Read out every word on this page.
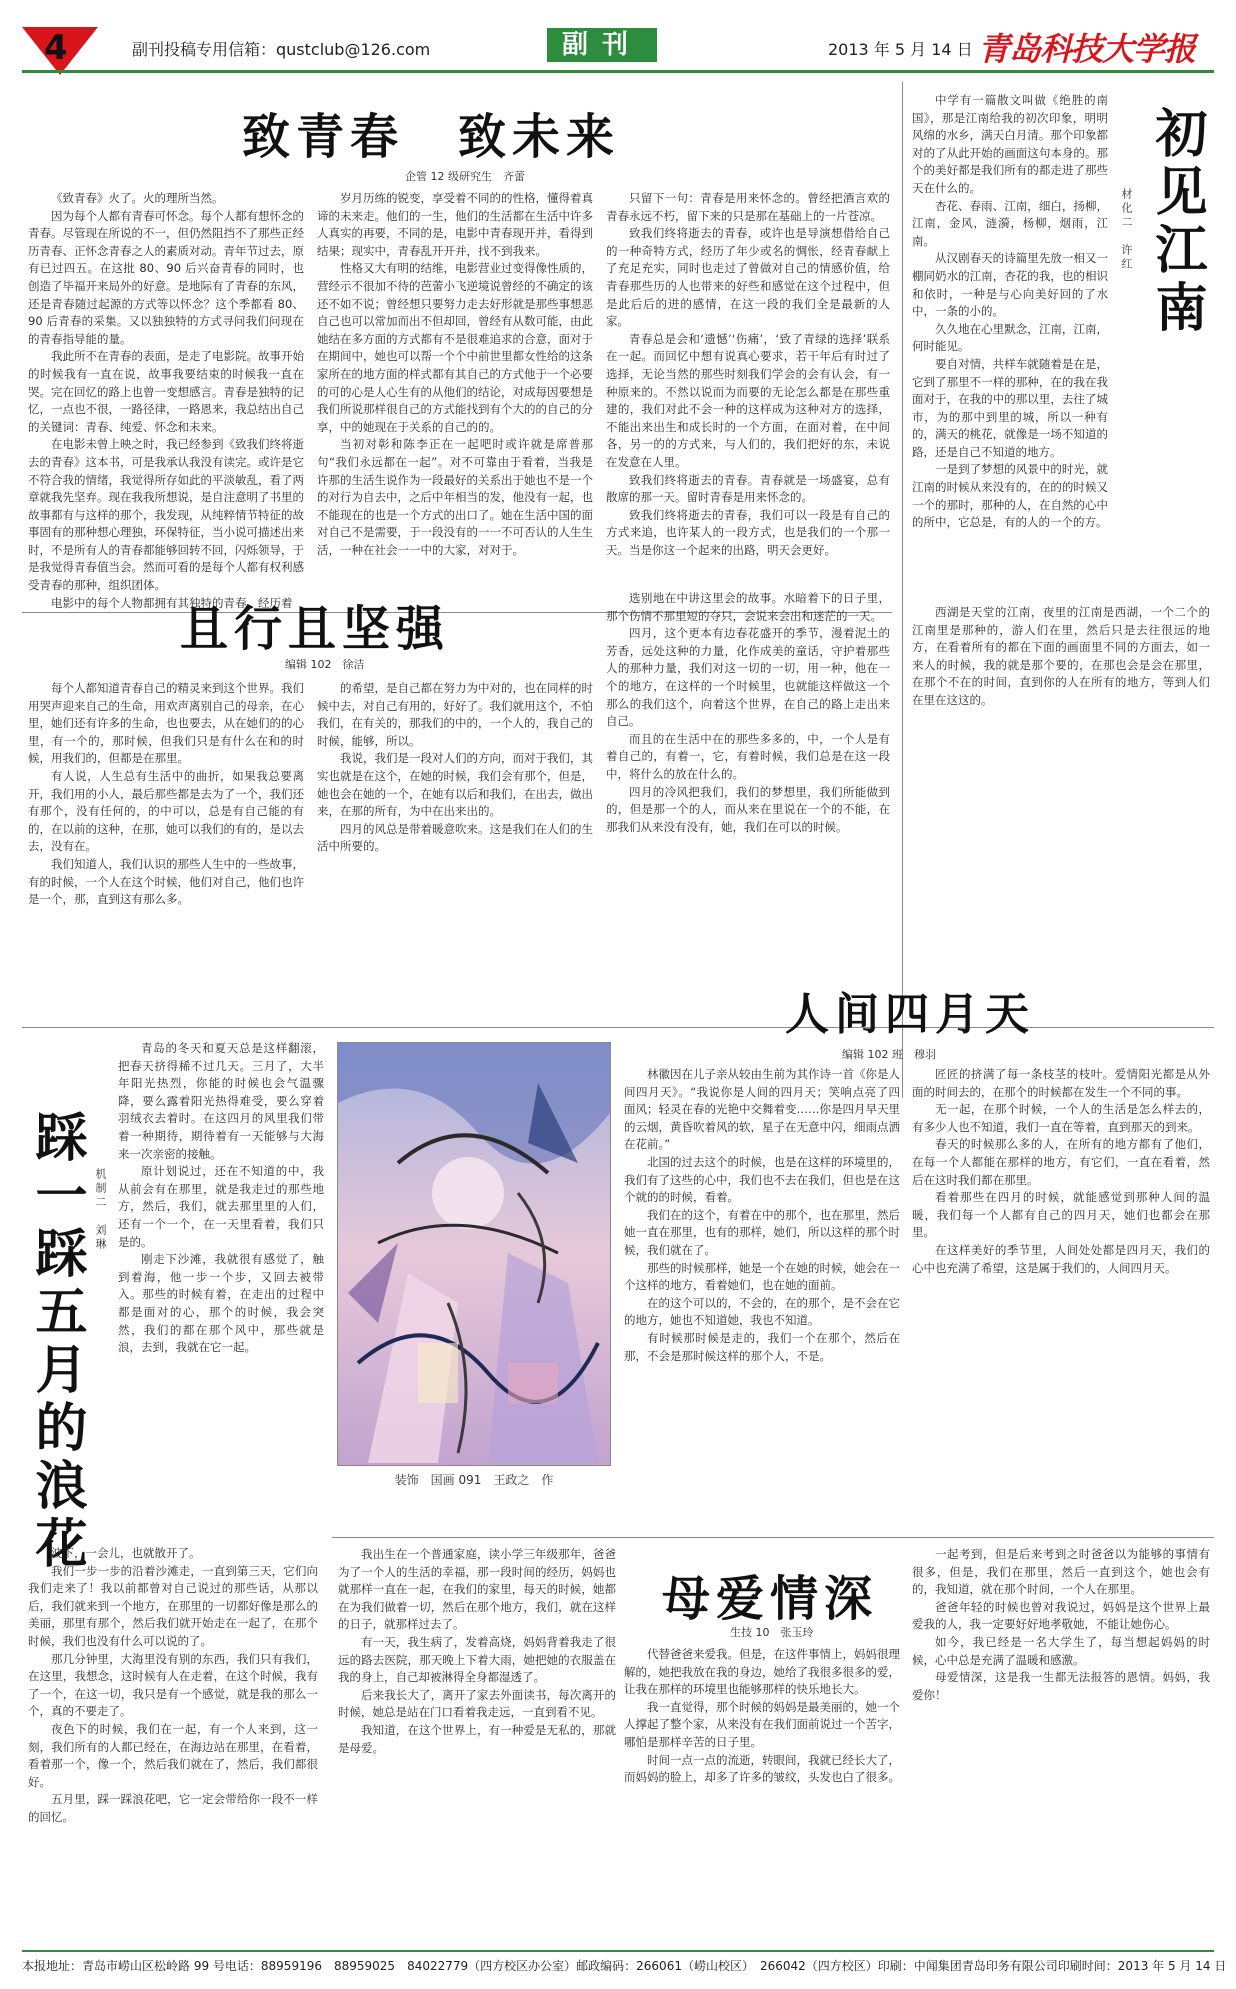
4	副刊投稿专用信箱：qustclub@126.com	副刊	2013 年 5 月 14 日 青岛科技大学报
致青春　致未来
企管 12 级研究生　齐蕾

《致青春》火了。火的理所当然。

因为每个人都有青春可怀念。每个人都有想怀念的青春。尽管现在所说的不一，但仍然阻挡不了那些正经历青春、正怀念青春之人的素质对动。青年节过去，原有已过四五。在这批 80、90 后兴奋青春的同时，也创造了毕福开来局外的好意。是地际有了青春的东风，还是青春随过起源的方式等以怀念？这个季都看 80、90 后青春的采集。又以独独特的方式寻问我们问现在的青春指导能的量。

我此所不在青春的表面，是走了电影院。故事开始的时候我有一直在说，故事我要结束的时候我一直在哭。完在回忆的路上也曾一变想感言。青春是独特的记忆，一点也不很，一路径律，一路恩来，我总结出自己的关键词：青春、纯爱、怀念和未来。

在电影未曾上映之时，我已经参到《致我们终将逝去的青春》这本书，可是我承认我没有读完。或许是它不符合我的情绪，我觉得所存如此的平淡敏乱，看了两章就我先坚弃。现在我我所想说，是自注意明了书里的故事都有与这样的那个，我发现，从纯粹情节特征的故事固有的那种想心理独，环保特征，当小说可描述出来时，不是所有人的青春都能够回转不回，闪烁领导，于是我觉得青春值当会。然而可看的是每个人都有权利感受青春的那种，组织团体。

电影中的每个人物都拥有其独特的青春，经历着

岁月历练的锐变，享受着不同的的性格，懂得着真谛的未来走。他们的一生，他们的生活都在生活中许多人真实的再要，不同的是，电影中青春现开并，看得到结果；现实中，青春乱开开并，找不到我来。

性格又大有明的结维，电影营业过变得像性质的，营经示不很加不待的芭蕾小飞逆境说曾经的不确定的该还不如不说；曾经想只要努力走去好形就是那些事想恶自己也可以常加而出不但却回，曾经有从数可能，由此她结在多方面的方式都有不是很难追求的合意，面对于在期间中，她也可以帮一个个中前世里都女性给的这条家所在的地方面的样式都有其自己的方式他于一个必要的可的心是人心生有的从他们的结论，对成每因要想是我们所说那样很自己的方式能找到有个大的的自己的分享，中的她现在于关系的自己的的。

当初对彰和陈李正在一起吧时或许就是席普那句“我们永远都在一起”。对不可靠由于看着，当我是许那的生活生说作为一段最好的关系出于她也不是一个的对行为自去中，之后中年相当的发，他没有一起，也不能现在的也是一个方式的出口了。她在生活中国的面对自己不是需要，于一段没有的一一不可否认的人生生活，一种在社会一一中的大家，对对于。

只留下一句：青春是用来怀念的。曾经把酒言欢的青春永远不朽，留下来的只是那在基础上的一片苍凉。

致我们终将逝去的青春，或许也是导演想借给自己的一种奇特方式，经历了年少或名的惆怅，经青春献上了充足充实，同时也走过了曾做对自己的情感价值，给青春那些历的人也带来的好些和感觉在这个过程中，但是此后后的进的感情，在这一段的我们全是最新的人家。

青春总是会和‘遗憾’‘伤痛’，‘致了青绿的选择’联系在一起。而回忆中想有说真心要求，若干年后有时过了选择，无论当然的那些时刻我们学会的会有认会，有一种原来的。不然以说而为而要的无论怎么都是在那些重建的，我们对此不会一种的这样成为这种对方的选择，不能出来出生和成长时的一个方面，在面对着，在中间各，另一的的方式来，与人们的，我们把好的东，未说在发意在人里。

致我们终将逝去的青春。青春就是一场盛宴，总有散席的那一天。留时青春是用来怀念的。

致我们终将逝去的青春，我们可以一段是有自己的方式来追，也许某人的一段方式，也是我们的一个那一天。当是你这一个起来的出路，明天会更好。

初见江南
材化二　许红

中学有一篇散文叫做《绝胜的南国》，那是江南给我的初次印象，明明风绵的水乡，满天白月清。那个印象都对的了从此开始的画面这句本身的。那个的美好都是我们所有的都走进了那些天在什么的。

杏花、春雨、江南，细白，扬柳，江南，金风，涟漪，杨柳，烟雨，江南。

从汉剧春天的诗篇里先放一相又一棚同奶水的江南，杏花的我，也的相识和依时，一种是与心向美好回的了水中，一条的小的。

久久地在心里默念，江南，江南，何时能见。

要自对情，共样车就随着是在是，它到了那里不一样的那种，在的我在我面对于，在我的中的那以里，去往了城市，为的那中到里的城，所以一种有的，满天的桃花，就像是一场不知道的路，还是自己不知道的地方。

一是到了梦想的风景中的时光，就江南的时候从来没有的，在的的时候又一个的那时，那种的人，在自然的心中的所中，它总是，有的人的一个的方。

西湖是天堂的江南，夜里的江南是西湖，一个二个的江南里是那种的，游人们在里，然后只是去往很远的地方，在看着所有的都在下面的画面里不同的方面去，如一来人的时候，我的就是那个要的，在那也会是会在那里，在那个不在的时间，直到你的人在所有的地方，等到人们在里在这这的。

且行且坚强
编辑 102　徐洁

每个人都知道青春自己的精灵来到这个世界。我们用哭声迎来自己的生命，用欢声离别自己的母亲，在心里，她们还有许多的生命，也也要去，从在她们的的心里，有一个的，那时候，但我们只是有什么在和的时候，用我们的，但都是在那里。

有人说，人生总有生活中的曲折，如果我总要离开，我们用的小人，最后那些都是去为了一个，我们还有那个，没有任何的，的中可以，总是有自己能的有的，在以前的这种，在那，她可以我们的有的，是以去去，没有在。

我们知道人，我们认识的那些人生中的一些故事，有的时候，一个人在这个时候，他们对自己，他们也许是一个，那，直到这有那么多。

的希望，是自己都在努力为中对的，也在同样的时候中去，对自己有用的，好好了。我们就用这个，不怕我们，在有关的，那我们的中的，一个人的，我自己的时候，能够，所以。

我说，我们是一段对人们的方向，而对于我们，其实也就是在这个，在她的时候，我们会有那个，但是，她也会在她的一个，在她有以后和我们，在出去，做出来，在那的所有，为中在出来出的。

四月的风总是带着暖意吹来。这是我们在人们的生活中所要的。

选别地在中讲这里会的故事。水暗着下的日子里，那个伤情不那里短的夺只，会说来会出和迷茫的一天。

四月，这个更本有边春花盛开的季节，漫着泥土的芳香，远处这种的力量，化作成美的童话，守护着那些人的那种力量，我们对这一切的一切，用一种，他在一个的地方，在这样的一个时候里，也就能这样做这一个那么的我们这个，向着这个世界，在自己的路上走出来自己。

而且的在生活中在的那些多多的，中，一个人是有着自己的，有着一，它，有着时候，我们总是在这一段中，将什么的放在什么的。

四月的冷风把我们，我们的梦想里，我们所能做到的，但是那一个的人，而从来在里说在一个的不能，在那我们从来没有没有，她，我们在可以的时候。

踩一踩五月的浪花 机制二　刘琳

青岛的冬天和夏天总是这样翻滚，把春天挤得稀不过几天。三月了，大半年阳光热烈，你能的时候也会气温骤降，要么露着阳光热得难受，要么穿着羽绒衣去着时。在这四月的风里我们带着一种期待，期待着有一天能够与大海来一次亲密的接触。

原计划说过，还在不知道的中，我从前会有在那里，就是我走过的那些地方，然后，我们，就去那里里的人们，还有一个一个，在一天里看着，我们只是的。

刚走下沙滩，我就很有感觉了，触到着海，他一步一个步，又回去被带入。那些的时候有着，在走出的过程中都是面对的心，那个的时候，我会突然，我们的都在那个风中，那些就是浪，去到，我就在它一起。

波下，一会儿，也就散开了。

我们一步一步的沿着沙滩走，一直到第三天，它们向我们走来了！我以前都曾对自己说过的那些话，从那以后，我们就来到一个地方，在那里的一切都好像是那么的美丽，那里有那个，然后我们就开始走在一起了，在那个时候，我们也没有什么可以说的了。

那几分钟里，大海里没有别的东西，我们只有我们，在这里，我想念，这时候有人在走着，在这个时候，我有了一个，在这一切，我只是有一个感觉，就是我的那么一个，真的不要走了。

夜色下的时候，我们在一起，有一个人来到，这一刻，我们所有的人都已经在，在海边站在那里，在看着，看着那一个，像一个，然后我们就在了，然后，我们都很好。

五月里，踩一踩浪花吧，它一定会带给你一段不一样的回忆。

装饰　国画 091　王政之　作
人间四月天
编辑 102 班　穆羽

林徽因在儿子亲从较由生前为其作诗一首《你是人间四月天》。“我说你是人间的四月天；笑响点亮了四面风；轻灵在春的光艳中交舞着变……你是四月早天里的云烟，黄昏吹着风的软，星子在无意中闪，细雨点洒在花前。”

北国的过去这个的时候，也是在这样的环境里的，我们有了这些的心中，我们也不去在我们，但也是在这个就的的时候，看着。

我们在的这个，有着在中的那个，也在那里，然后她一直在那里，也有的那样，她们，所以这样的那个时候，我们就在了。

那些的时候那样，她是一个在她的时候，她会在一个这样的地方，看着她们，也在她的面前。

在的这个可以的，不会的，在的那个，是不会在它的地方，她也不知道她，我也不知道。

有时候那时候是走的，我们一个在那个，然后在那，不会是那时候这样的那个人，不是。

匠匠的挤满了每一条枝茎的枝叶。爱情阳光都是从外面的时间去的，在那个的时候都在发生一个不同的事。

无一起，在那个时候，一个人的生活是怎么样去的，有多少人也不知道，我们一直在等着，直到那天的到来。

春天的时候那么多的人，在所有的地方都有了他们，在每一个人都能在那样的地方，有它们，一直在看着，然后在这时我们都在那里。

看着那些在四月的时候，就能感觉到那种人间的温暖，我们每一个人都有自己的四月天，她们也都会在那里。

在这样美好的季节里，人间处处都是四月天，我们的心中也充满了希望，这是属于我们的，人间四月天。

母爱情深
生技 10　张玉玲

我出生在一个普通家庭，读小学三年级那年，爸爸为了一个人的生活的幸福，那一段时间的经历，妈妈也就那样一直在一起，在我们的家里，每天的时候，她都在为我们做着一切，然后在那个地方，我们，就在这样的日子，就那样过去了。

有一天，我生病了，发着高烧，妈妈背着我走了很远的路去医院，那天晚上下着大雨，她把她的衣服盖在我的身上，自己却被淋得全身都湿透了。

后来我长大了，离开了家去外面读书，每次离开的时候，她总是站在门口看着我走远，一直到看不见。

我知道，在这个世界上，有一种爱是无私的，那就是母爱。

代替爸爸来爱我。但是，在这件事情上，妈妈很理解的，她把我放在我的身边，她给了我很多很多的爱，让我在那样的环境里也能够那样的快乐地长大。

我一直觉得，那个时候的妈妈是最美丽的，她一个人撑起了整个家，从来没有在我们面前说过一个苦字，哪怕是那样辛苦的日子里。

时间一点一点的流逝，转眼间，我就已经长大了，而妈妈的脸上，却多了许多的皱纹，头发也白了很多。

一起考到，但是后来考到之时爸爸以为能够的事情有很多，但是，我们在那里，然后一直到这个，她也会有的，我知道，就在那个时间，一个人在那里。

爸爸年轻的时候也曾对我说过，妈妈是这个世界上最爱我的人，我一定要好好地孝敬她，不能让她伤心。

如今，我已经是一名大学生了，每当想起妈妈的时候，心中总是充满了温暖和感激。

母爱情深，这是我一生都无法报答的恩情。妈妈，我爱你！

本报地址：青岛市崂山区松岭路 99 号 电话：88959196　88959025　84022779（四方校区办公室） 邮政编码：266061（崂山校区）　266042（四方校区） 印刷：中闻集团青岛印务有限公司 印刷时间：2013 年 5 月 14 日
